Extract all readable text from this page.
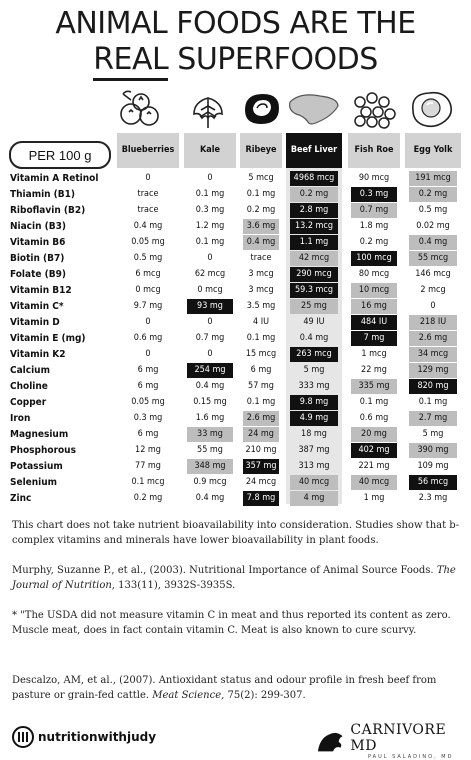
ANIMAL FOODS ARE THE
REAL SUPERFOODS
PER 100 g	Blueberries	Kale	Ribeye	Beef Liver	Fish Roe	Egg Yolk
Vitamin A Retinol	0	0	5 mcg	4968 mcg	90 mcg	191 mcg
Thiamin (B1)	trace	0.1 mg	0.1 mg	0.2 mg	0.3 mg	0.2 mg
Riboflavin (B2)	trace	0.3 mg	0.2 mg	2.8 mg	0.7 mg	0.5 mg
Niacin (B3)	0.4 mg	1.2 mg	3.6 mg	13.2 mcg	1.8 mg	0.02 mg
Vitamin B6	0.05 mg	0.1 mg	0.4 mg	1.1 mg	0.2 mg	0.4 mg
Biotin (B7)	0.5 mg	0	trace	42 mcg	100 mcg	55 mcg
Folate (B9)	6 mcg	62 mcg	3 mcg	290 mcg	80 mcg	146 mcg
Vitamin B12	0 mcg	0 mcg	3 mcg	59.3 mcg	10 mcg	2 mcg
Vitamin C*	9.7 mg	93 mg	3.5 mg	25 mg	16 mg	0
Vitamin D	0	0	4 IU	49 IU	484 IU	218 IU
Vitamin E (mg)	0.6 mg	0.7 mg	0.1 mg	0.4 mg	7 mg	2.6 mg
Vitamin K2	0	0	15 mcg	263 mcg	1 mcg	34 mcg
Calcium	6 mg	254 mg	6 mg	5 mg	22 mg	129 mg
Choline	6 mg	0.4 mg	57 mg	333 mg	335 mg	820 mg
Copper	0.05 mg	0.15 mg	0.1 mg	9.8 mg	0.1 mg	0.1 mg
Iron	0.3 mg	1.6 mg	2.6 mg	4.9 mg	0.6 mg	2.7 mg
Magnesium	6 mg	33 mg	24 mg	18 mg	20 mg	5 mg
Phosphorous	12 mg	55 mg	210 mg	387 mg	402 mg	390 mg
Potassium	77 mg	348 mg	357 mg	313 mg	221 mg	109 mg
Selenium	0.1 mcg	0.9 mcg	24 mcg	40 mcg	40 mcg	56 mcg
Zinc	0.2 mg	0.4 mg	7.8 mg	4 mg	1 mg	2.3 mg
This chart does not take nutrient bioavailability into consideration. Studies show that b-complex vitamins and minerals have lower bioavailability in plant foods.
Murphy, Suzanne P., et al., (2003). Nutritional Importance of Animal Source Foods. The Journal of Nutrition, 133(11), 3932S-3935S.
* "The USDA did not measure vitamin C in meat and thus reported its content as zero. Muscle meat, does in fact contain vitamin C. Meat is also known to cure scurvy.
Descalzo, AM, et al., (2007). Antioxidant status and odour profile in fresh beef from pasture or grain-fed cattle. Meat Science, 75(2): 299-307.
nutritionwithjudy	CARNIVORE MD
PAUL SALADINO, MD
